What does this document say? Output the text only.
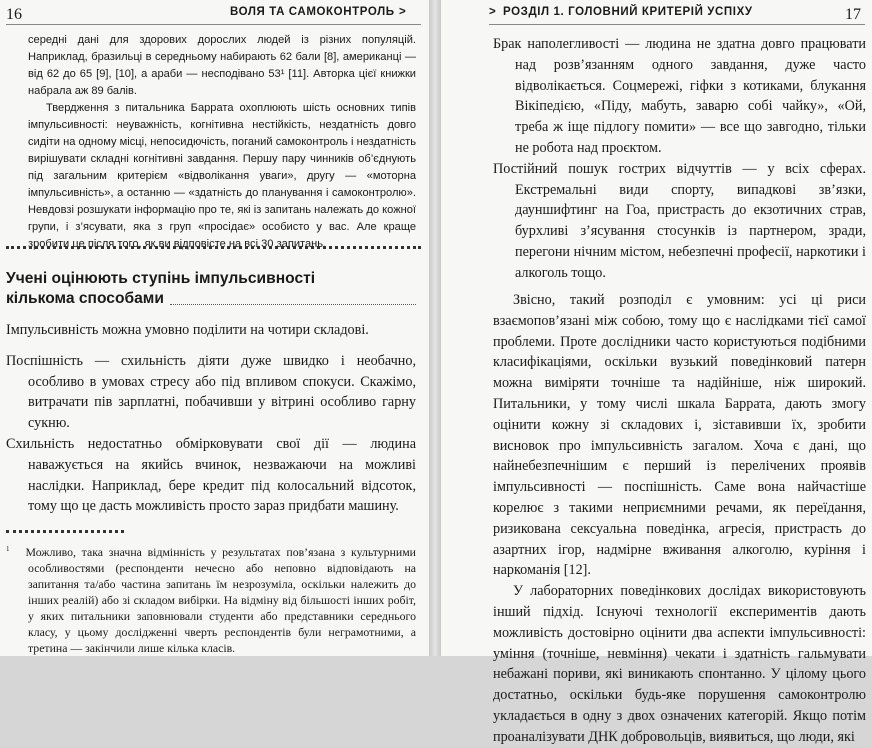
16	ВОЛЯ ТА САМОКОНТРОЛЬ >

середні дані для здорових дорослих людей із різних популяцій. Наприклад, бразильці в середньому набирають 62 бали [8], американці — від 62 до 65 [9], [10], а араби — несподівано 53¹ [11]. Авторка цієї книжки набрала аж 89 балів.

Твердження з питальника Баррата охоплюють шість основних типів імпульсивності: неуважність, когнітивна нестійкість, нездатність довго сидіти на одному місці, непосидючість, поганий самоконтроль і нездатність вирішувати складні когнітивні завдання. Першу пару чинників об’єднують під загальним критерієм «відволікання уваги», другу — «моторна імпульсивність», а останню — «здатність до планування і самоконтролю». Невдовзі розшукати інформацію про те, які із запитань належать до кожної групи, і з’ясувати, яка з груп «просідає» особисто у вас. Але краще зробити це після того, як ви відповісте на всі 30 запитань.

Учені оцінюють ступінь імпульсивності
кількома способами

Імпульсивність можна умовно поділити на чотири складові.

Поспішність — схильність діяти дуже швидко і необачно, особливо в умовах стресу або під впливом спокуси. Скажімо, витрачати пів зарплатні, побачивши у вітрині особливо гарну сукню.

Схильність недостатньо обмірковувати свої дії — людина наважується на якийсь вчинок, незважаючи на можливі наслідки. Наприклад, бере кредит під колосальний відсоток, тому що це дасть можливість просто зараз придбати машину.

$^1$ Можливо, така значна відмінність у результатах пов’язана з культурними особливостями (респонденти нечесно або неповно відповідають на запитання та/або частина запитань їм незрозуміла, оскільки належить до інших реалій) або зі складом вибірки. На відміну від більшості інших робіт, у яких питальники заповнювали студенти або представники середнього класу, у цьому дослідженні чверть респондентів були неграмотними, а третина — закінчили лише кілька класів.

> РОЗДІЛ 1. ГОЛОВНИЙ КРИТЕРІЙ УСПІХУ	17

Брак наполегливості — людина не здатна довго працювати над розв’язанням одного завдання, дуже часто відволікається. Соцмережі, гіфки з котиками, блукання Вікіпедією, «Піду, мабуть, заварю собі чайку», «Ой, треба ж іще підлогу помити» — все що завгодно, тільки не робота над проєктом.

Постійний пошук гострих відчуттів — у всіх сферах. Екстремальні види спорту, випадкові зв’язки, дауншифтинг на Гоа, пристрасть до екзотичних страв, бурхливі з’ясування стосунків із партнером, зради, перегони нічним містом, небезпечні професії, наркотики і алкоголь тощо.

Звісно, такий розподіл є умовним: усі ці риси взаємопов’язані між собою, тому що є наслідками тієї самої проблеми. Проте дослідники часто користуються подібними класифікаціями, оскільки вузький поведінковий патерн можна виміряти точніше та надійніше, ніж широкий. Питальники, у тому числі шкала Баррата, дають змогу оцінити кожну зі складових і, зіставивши їх, зробити висновок про імпульсивність загалом. Хоча є дані, що найнебезпечнішим є перший із перелічених проявів імпульсивності — поспішність. Саме вона найчастіше корелює з такими неприємними речами, як переїдання, ризикована сексуальна поведінка, агресія, пристрасть до азартних ігор, надмірне вживання алкоголю, куріння і наркоманія [12].

У лабораторних поведінкових дослідах використовують інший підхід. Існуючі технології експериментів дають можливість достовірно оцінити два аспекти імпульсивності: уміння (точніше, невміння) чекати і здатність гальмувати небажані пориви, які виникають спонтанно. У цілому цього достатньо, оскільки будь-яке порушення самоконтролю укладається в одну з двох означених категорій. Якщо потім проаналізувати ДНК добровольців, виявиться, що люди, які
